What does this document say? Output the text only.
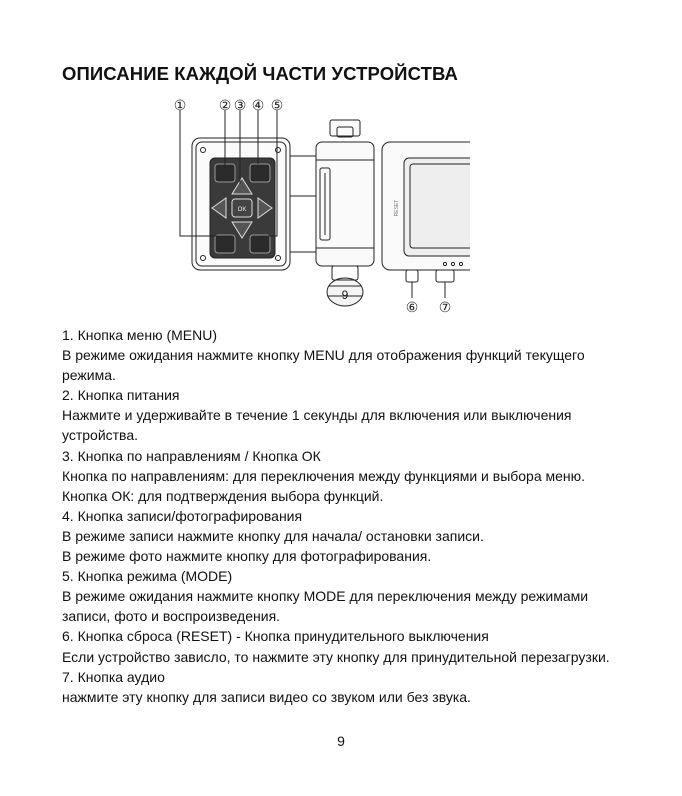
ОПИСАНИЕ КАЖДОЙ ЧАСТИ УСТРОЙСТВА
① ② ③ ④ ⑤
⑥ ⑦
OK	RESET
9

1. Кнопка меню (MENU)

В режиме ожидания нажмите кнопку MENU для отображения функций текущего

режима.

2. Кнопка питания

Нажмите и удерживайте в течение 1 секунды для включения или выключения

устройства.

3. Кнопка по направлениям / Кнопка ОК

Кнопка по направлениям: для переключения между функциями и выбора меню.

Кнопка ОК: для подтверждения выбора функций.

4. Кнопка записи/фотографирования

В режиме записи нажмите кнопку для начала/ остановки записи.

В режиме фото нажмите кнопку для фотографирования.

5. Кнопка режима (MODE)

В режиме ожидания нажмите кнопку MODE для переключения между режимами

записи, фото и воспроизведения.

6. Кнопка сброса (RESET) - Кнопка принудительного выключения

Если устройство зависло, то нажмите эту кнопку для принудительной перезагрузки.

7. Кнопка аудио

нажмите эту кнопку для записи видео со звуком или без звука.

9
